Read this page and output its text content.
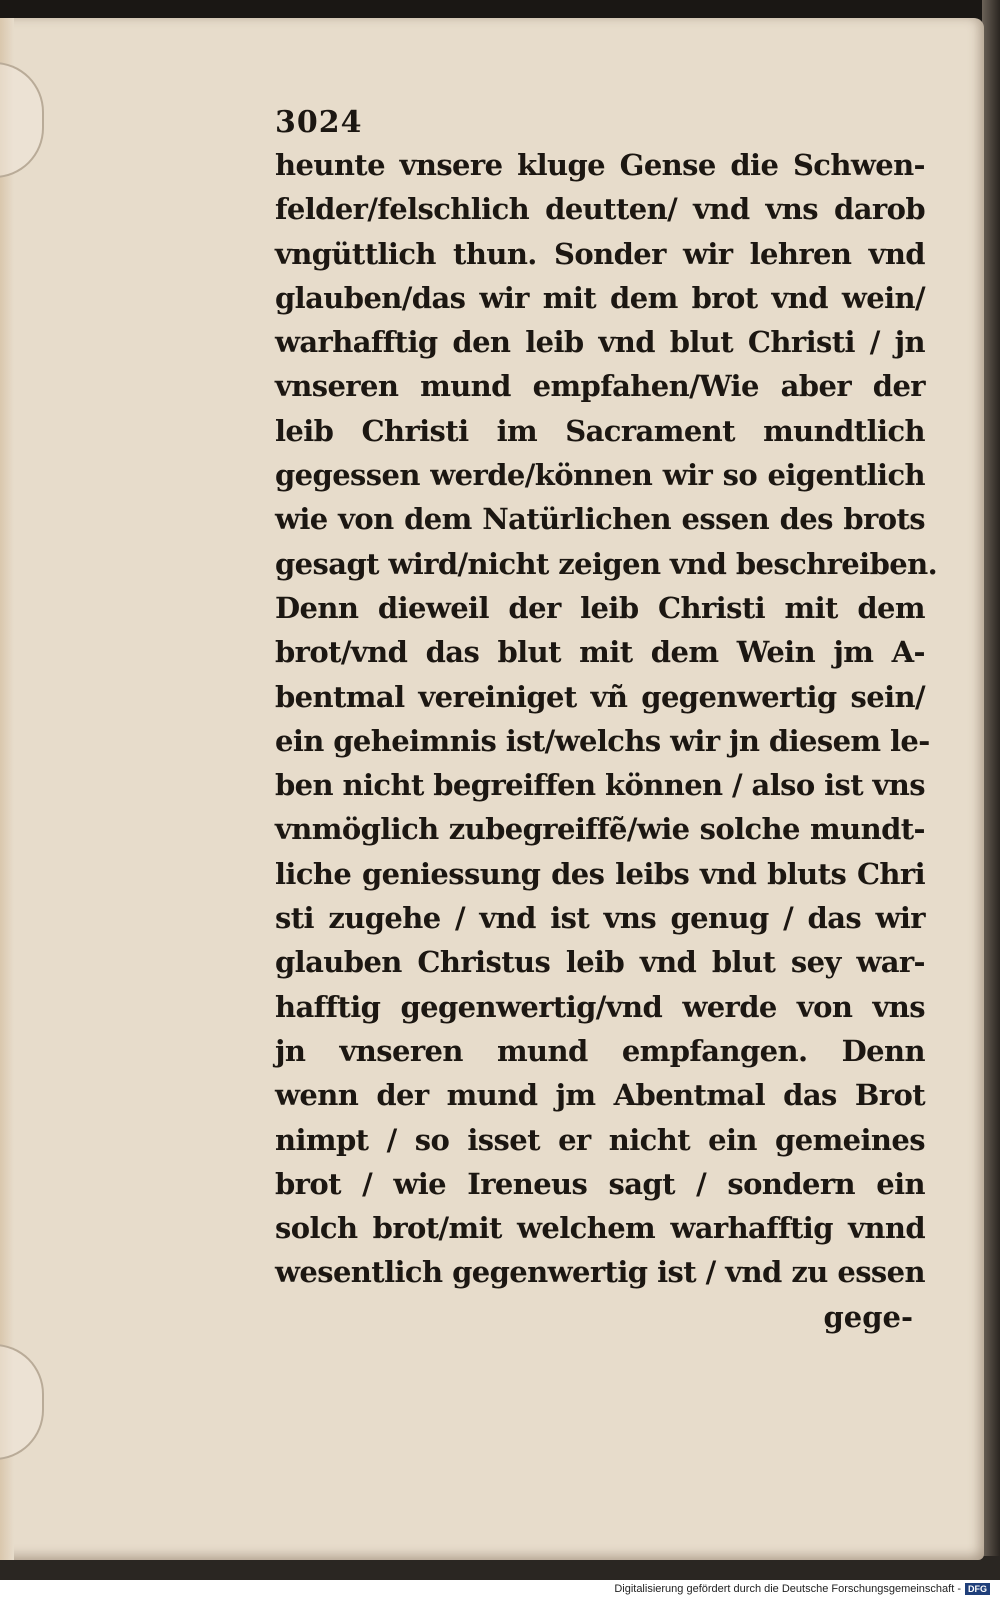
3024
heunte vnsere kluge Gense die Schwen-
felder/felschlich deutten/ vnd vns darob
vngüttlich thun. Sonder wir lehren vnd
glauben/das wir mit dem brot vnd wein/
warhafftig den leib vnd blut Christi / jn
vnseren mund empfahen/Wie aber der
leib Christi im Sacrament mundtlich
gegessen werde/können wir so eigentlich
wie von dem Natürlichen essen des brots
gesagt wird/nicht zeigen vnd beschreiben.
Denn dieweil der leib Christi mit dem
brot/vnd das blut mit dem Wein jm A-
bentmal vereiniget vñ gegenwertig sein/
ein geheimnis ist/welchs wir jn diesem le-
ben nicht begreiffen können / also ist vns
vnmöglich zubegreiffẽ/wie solche mundt-
liche geniessung des leibs vnd bluts Chri
sti zugehe / vnd ist vns genug / das wir
glauben Christus leib vnd blut sey war-
hafftig gegenwertig/vnd werde von vns
jn vnseren mund empfangen. Denn
wenn der mund jm Abentmal das Brot
nimpt / so isset er nicht ein gemeines
brot / wie Ireneus sagt / sondern ein
solch brot/mit welchem warhafftig vnnd
wesentlich gegenwertig ist / vnd zu essen
gege-
Digitalisierung gefördert durch die Deutsche Forschungsgemeinschaft - DFG
